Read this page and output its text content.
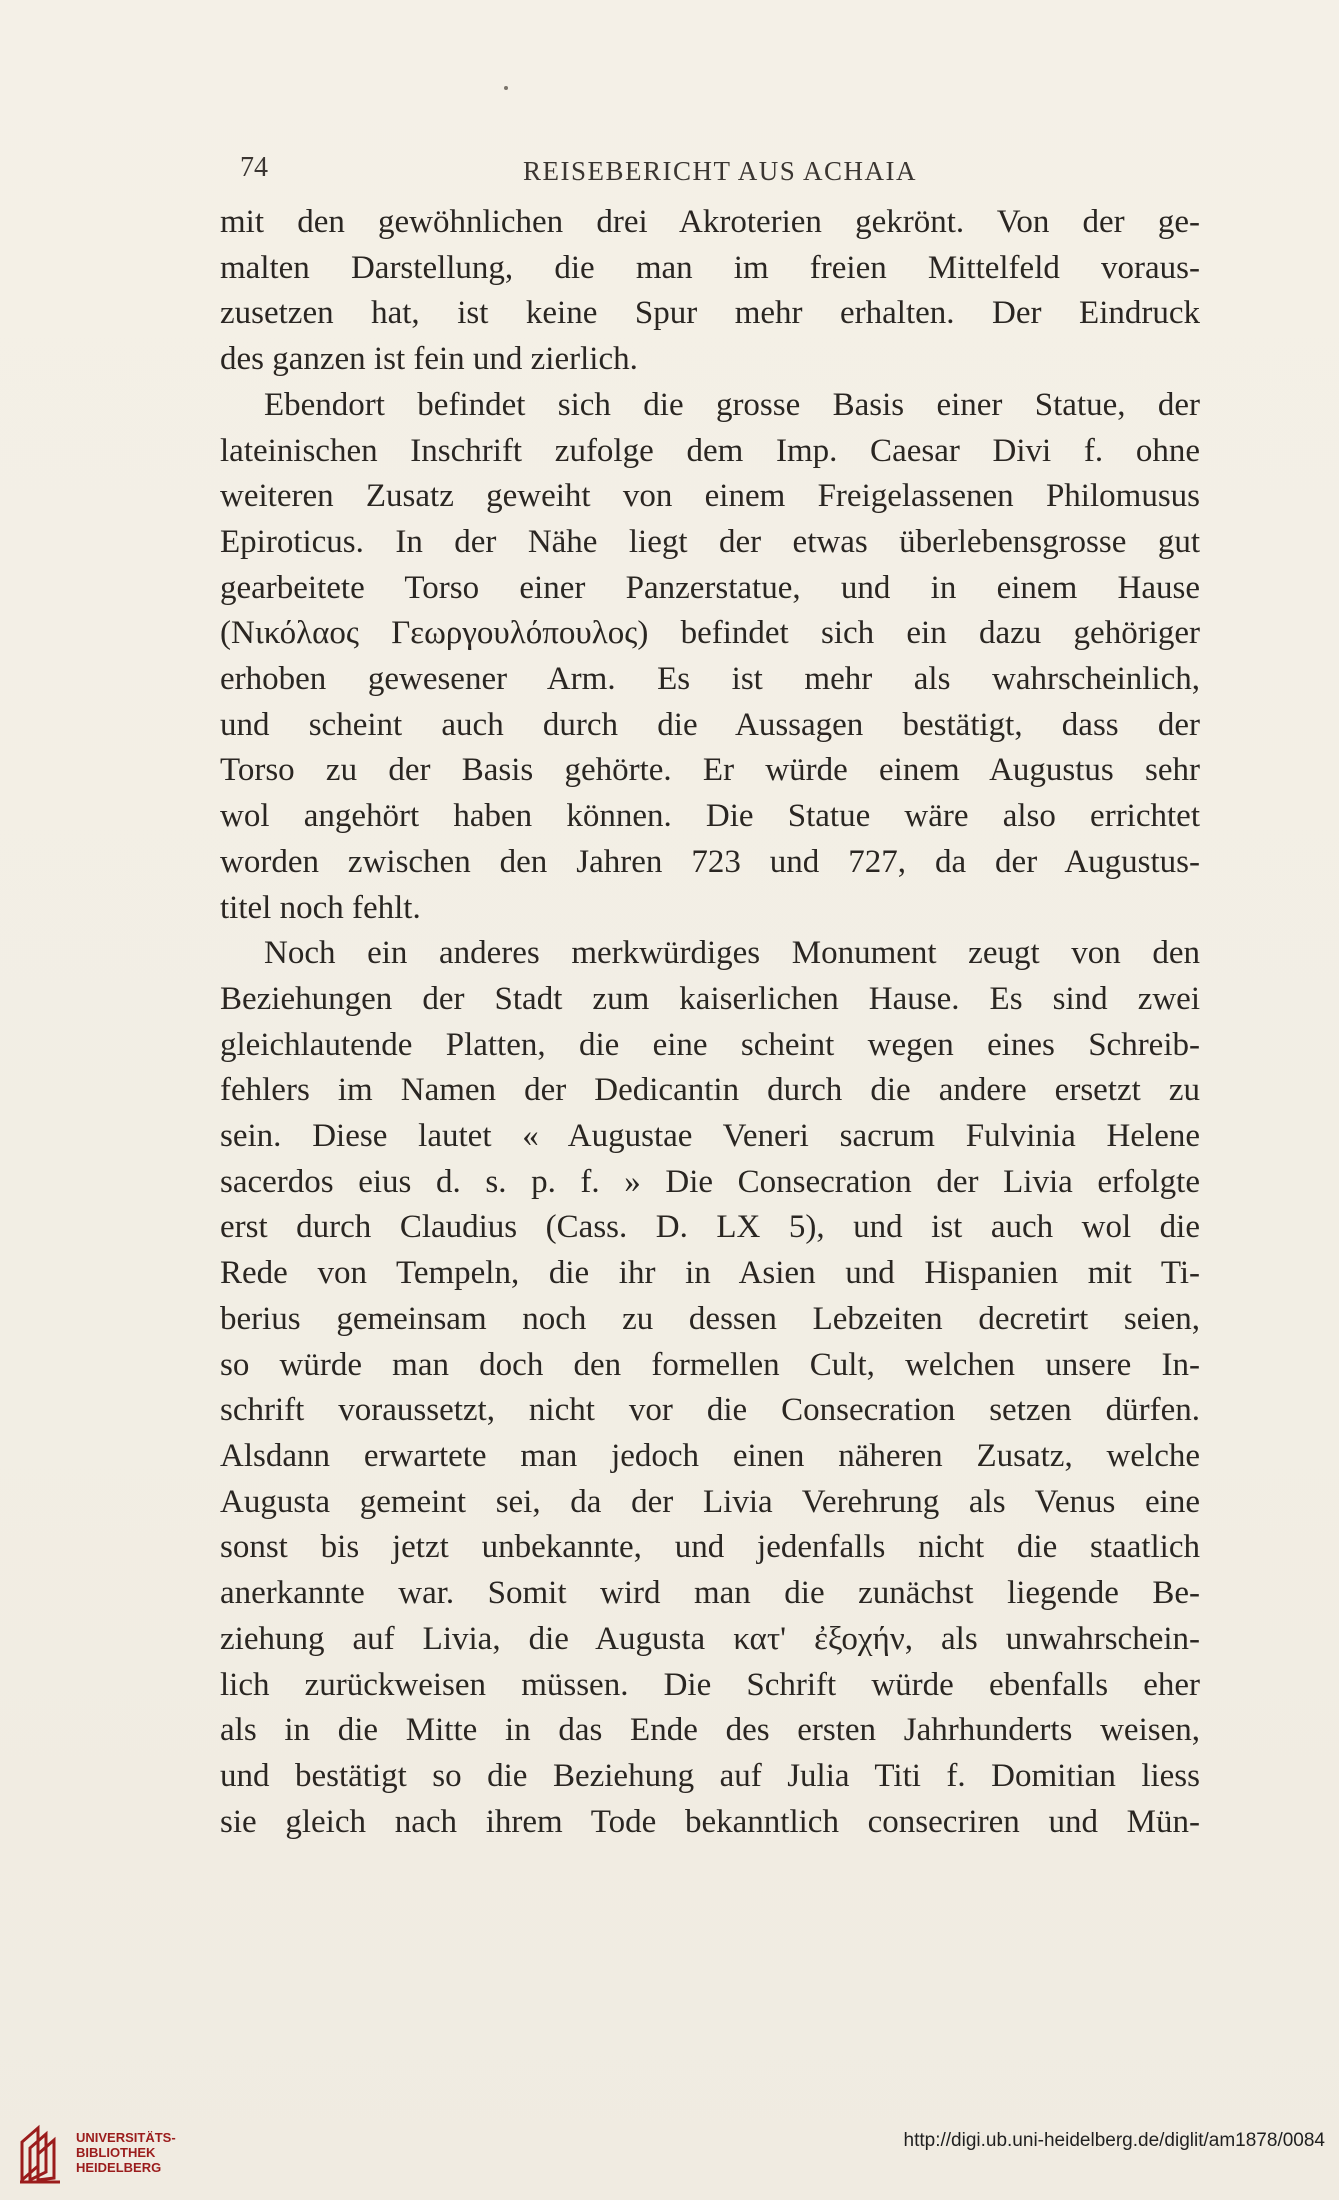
74	REISEBERICHT AUS ACHAIA
mit den gewöhnlichen drei Akroterien gekrönt. Von der ge-
malten Darstellung, die man im freien Mittelfeld voraus-
zusetzen hat, ist keine Spur mehr erhalten. Der Eindruck
des ganzen ist fein und zierlich.
Ebendort befindet sich die grosse Basis einer Statue, der
lateinischen Inschrift zufolge dem Imp. Caesar Divi f. ohne
weiteren Zusatz geweiht von einem Freigelassenen Philomusus
Epiroticus. In der Nähe liegt der etwas überlebensgrosse gut
gearbeitete Torso einer Panzerstatue, und in einem Hause
(Νικόλαος Γεωργουλόπουλος) befindet sich ein dazu gehöriger
erhoben gewesener Arm. Es ist mehr als wahrscheinlich,
und scheint auch durch die Aussagen bestätigt, dass der
Torso zu der Basis gehörte. Er würde einem Augustus sehr
wol angehört haben können. Die Statue wäre also errichtet
worden zwischen den Jahren 723 und 727, da der Augustus-
titel noch fehlt.
Noch ein anderes merkwürdiges Monument zeugt von den
Beziehungen der Stadt zum kaiserlichen Hause. Es sind zwei
gleichlautende Platten, die eine scheint wegen eines Schreib-
fehlers im Namen der Dedicantin durch die andere ersetzt zu
sein. Diese lautet « Augustae Veneri sacrum Fulvinia Helene
sacerdos eius d. s. p. f. » Die Consecration der Livia erfolgte
erst durch Claudius (Cass. D. LX 5), und ist auch wol die
Rede von Tempeln, die ihr in Asien und Hispanien mit Ti-
berius gemeinsam noch zu dessen Lebzeiten decretirt seien,
so würde man doch den formellen Cult, welchen unsere In-
schrift voraussetzt, nicht vor die Consecration setzen dürfen.
Alsdann erwartete man jedoch einen näheren Zusatz, welche
Augusta gemeint sei, da der Livia Verehrung als Venus eine
sonst bis jetzt unbekannte, und jedenfalls nicht die staatlich
anerkannte war. Somit wird man die zunächst liegende Be-
ziehung auf Livia, die Augusta κατ' ἐξοχήν, als unwahrschein-
lich zurückweisen müssen. Die Schrift würde ebenfalls eher
als in die Mitte in das Ende des ersten Jahrhunderts weisen,
und bestätigt so die Beziehung auf Julia Titi f. Domitian liess
sie gleich nach ihrem Tode bekanntlich consecriren und Mün-
UNIVERSITÄTS-
BIBLIOTHEK
HEIDELBERG
http://digi.ub.uni-heidelberg.de/diglit/am1878/0084
